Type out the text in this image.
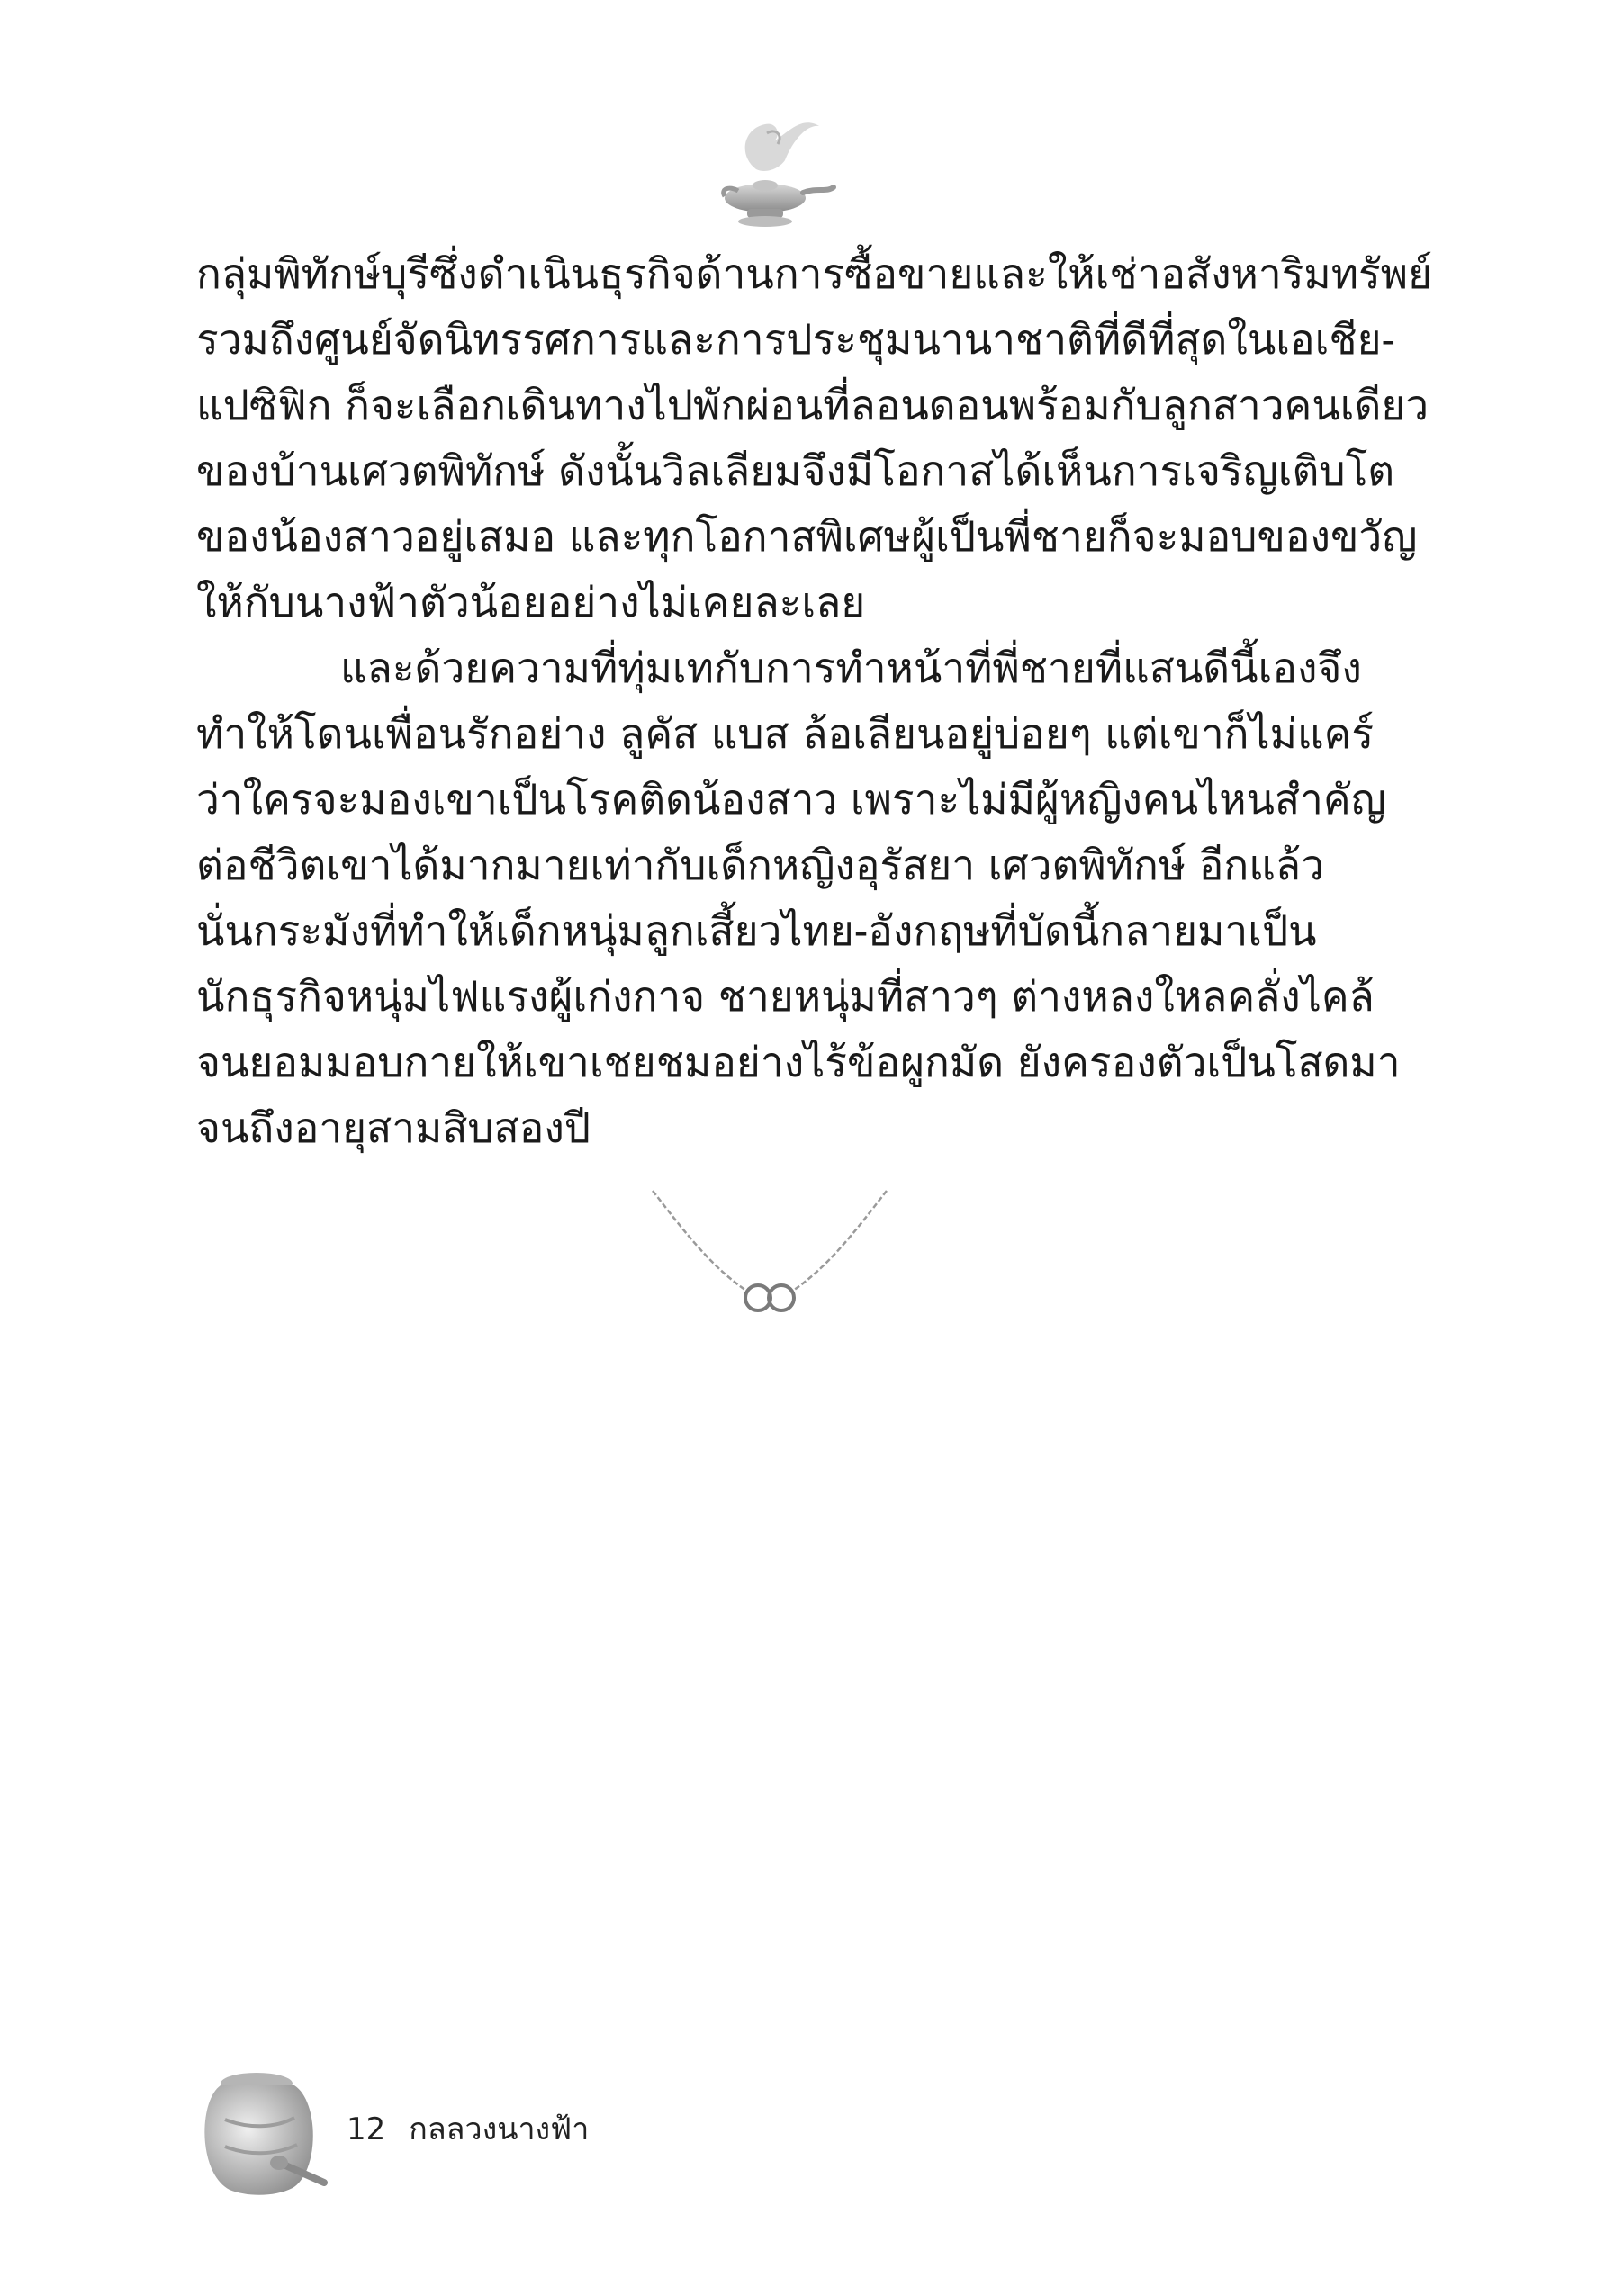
กลุ่มพิทักษ์บุรีซึ่งดำเนินธุรกิจด้านการซื้อขายและให้เช่าอสังหาริมทรัพย์
รวมถึงศูนย์จัดนิทรรศการและการประชุมนานาชาติที่ดีที่สุดในเอเชีย-
แปซิฟิก ก็จะเลือกเดินทางไปพักผ่อนที่ลอนดอนพร้อมกับลูกสาวคนเดียว
ของบ้านเศวตพิทักษ์ ดังนั้นวิลเลียมจึงมีโอกาสได้เห็นการเจริญเติบโต
ของน้องสาวอยู่เสมอ และทุกโอกาสพิเศษผู้เป็นพี่ชายก็จะมอบของขวัญ
ให้กับนางฟ้าตัวน้อยอย่างไม่เคยละเลย

และด้วยความที่ทุ่มเทกับการทำหน้าที่พี่ชายที่แสนดีนี้เองจึง
ทำให้โดนเพื่อนรักอย่าง ลูคัส แบส ล้อเลียนอยู่บ่อยๆ แต่เขาก็ไม่แคร์
ว่าใครจะมองเขาเป็นโรคติดน้องสาว เพราะไม่มีผู้หญิงคนไหนสำคัญ
ต่อชีวิตเขาได้มากมายเท่ากับเด็กหญิงอุรัสยา เศวตพิทักษ์ อีกแล้ว
นั่นกระมังที่ทำให้เด็กหนุ่มลูกเสี้ยวไทย-อังกฤษที่บัดนี้กลายมาเป็น
นักธุรกิจหนุ่มไฟแรงผู้เก่งกาจ ชายหนุ่มที่สาวๆ ต่างหลงใหลคลั่งไคล้
จนยอมมอบกายให้เขาเชยชมอย่างไร้ข้อผูกมัด ยังครองตัวเป็นโสดมา
จนถึงอายุสามสิบสองปี

12 กลลวงนางฟ้า
